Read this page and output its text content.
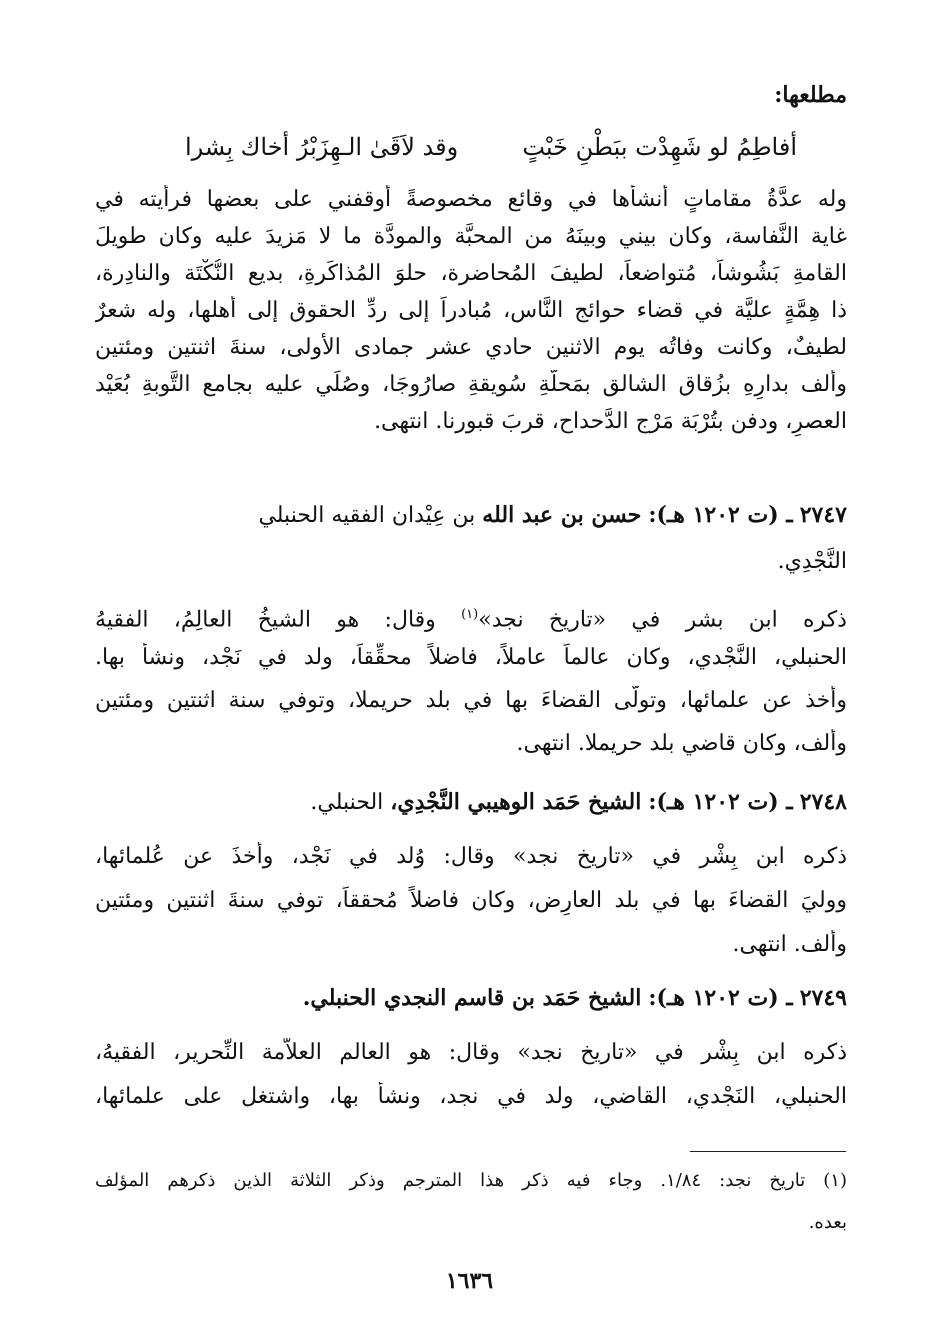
مطلعها:
أفاطِمُ لو شَهِدْت ببَطْنِ خَبْتٍ
وقد لاَقَىٰ الـهِزَبْرُ أخاك بِشرا
وله عدَّةُ مقاماتٍ أنشأها في وقائع مخصوصةً أوقفني على بعضها فرأيته في
غاية النَّفاسة، وكان بيني وبينَهُ من المحبَّة والمودَّة ما لا مَزيدَ عليه وكان طويلَ
القامةِ بَشُوشاً، مُتواضعاً، لطيفَ المُحاضرة، حلوَ المُذاكَرةِ، بديع النُّكْتَة والنادِرة،
ذا هِمَّةٍ عليَّة في قضاء حوائج النَّاس، مُبادراً إلى ردِّ الحقوق إلى أهلها، وله شعرٌ
لطيفٌ، وكانت وفاتُه يوم الاثنين حادي عشر جمادى الأولى، سنةَ اثنتين ومئتين
وألف بدارِهِ بزُقاق الشالق بمَحلَّةِ سُويقةِ صارُوجَا، وصُلِّي عليه بجامع التَّوبةِ بُعَيْد
العصرِ، ودفن بتُرْبَة مَرْج الدَّحداح، قربَ قبورنا. انتهى.
٢٧٤٧ ـ (ت ١٢٠٢ هـ): حسن بن عبد الله بن عِيْدان الفقيه الحنبلي
النَّجْدِي.
ذكره ابن بشر في «تاريخ نجد»$^{(١)}$ وقال: هو الشيخُ العالِمُ، الفقيهُ
الحنبلي، النَّجْدي، وكان عالماً عاملاً، فاضلاً محقِّقاً، ولد في نَجْد، ونشأ بها.
وأخذ عن علمائها، وتولَّى القضاءَ بها في بلد حريملا، وتوفي سنة اثنتين ومئتين
وألف، وكان قاضي بلد حريملا. انتهى.
٢٧٤٨ ـ (ت ١٢٠٢ هـ): الشيخ حَمَد الوهيبي النَّجْدِي، الحنبلي.
ذكره ابن بِشْر في «تاريخ نجد» وقال: وُلد في نَجْد، وأخذَ عن عُلمائها،
ووليَ القضاءَ بها في بلد العارِض، وكان فاضلاً مُحققاً، توفي سنةَ اثنتين ومئتين
وألف. انتهى.
٢٧٤٩ ـ (ت ١٢٠٢ هـ): الشيخ حَمَد بن قاسم النجدي الحنبلي.
ذكره ابن بِشْر في «تاريخ نجد» وقال: هو العالم العلاَّمة النِّحرير، الفقيهُ،
الحنبلي، النَجْدي، القاضي، ولد في نجد، ونشأ بها، واشتغل على علمائها،
(١) تاريخ نجد: ١/٨٤. وجاء فيه ذكر هذا المترجم وذكر الثلاثة الذين ذكرهم المؤلف
بعده.
١٦٣٦
